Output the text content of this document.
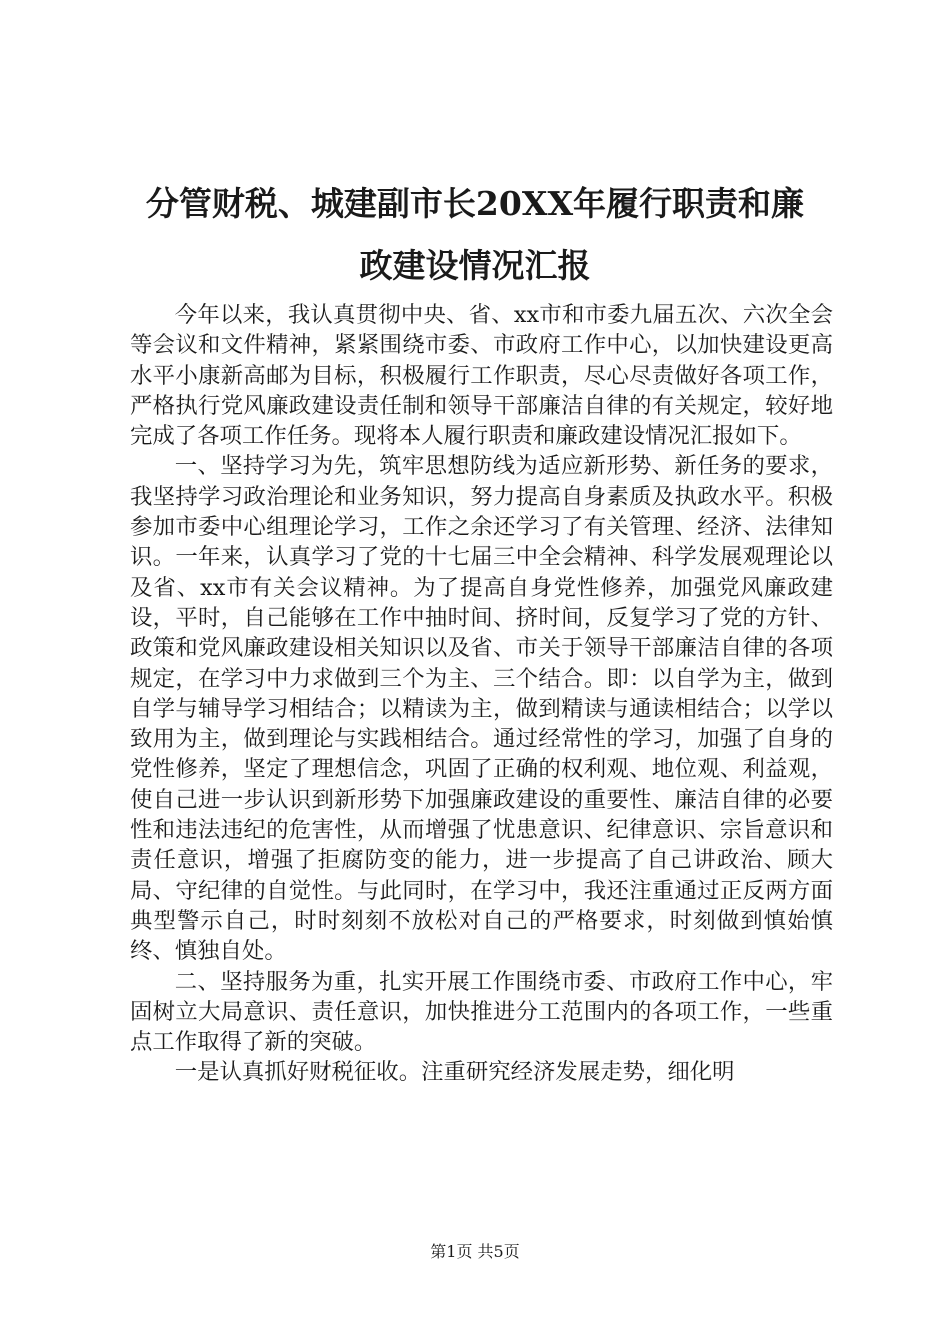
分管财税、城建副市长20XX年履行职责和廉
政建设情况汇报

今年以来，我认真贯彻中央、省、xx市和市委九届五次、六次全会等会议和文件精神，紧紧围绕市委、市政府工作中心，以加快建设更高水平小康新高邮为目标，积极履行工作职责，尽心尽责做好各项工作，严格执行党风廉政建设责任制和领导干部廉洁自律的有关规定，较好地完成了各项工作任务。现将本人履行职责和廉政建设情况汇报如下。

一、坚持学习为先，筑牢思想防线为适应新形势、新任务的要求，我坚持学习政治理论和业务知识，努力提高自身素质及执政水平。积极参加市委中心组理论学习，工作之余还学习了有关管理、经济、法律知识。一年来，认真学习了党的十七届三中全会精神、科学发展观理论以及省、xx市有关会议精神。为了提高自身党性修养，加强党风廉政建设，平时，自己能够在工作中抽时间、挤时间，反复学习了党的方针、政策和党风廉政建设相关知识以及省、市关于领导干部廉洁自律的各项规定，在学习中力求做到三个为主、三个结合。即：以自学为主，做到自学与辅导学习相结合；以精读为主，做到精读与通读相结合；以学以致用为主，做到理论与实践相结合。通过经常性的学习，加强了自身的党性修养，坚定了理想信念，巩固了正确的权利观、地位观、利益观，使自己进一步认识到新形势下加强廉政建设的重要性、廉洁自律的必要性和违法违纪的危害性，从而增强了忧患意识、纪律意识、宗旨意识和责任意识，增强了拒腐防变的能力，进一步提高了自己讲政治、顾大局、守纪律的自觉性。与此同时，在学习中，我还注重通过正反两方面典型警示自己，时时刻刻不放松对自己的严格要求，时刻做到慎始慎终、慎独自处。

二、坚持服务为重，扎实开展工作围绕市委、市政府工作中心，牢固树立大局意识、责任意识，加快推进分工范围内的各项工作，一些重点工作取得了新的突破。

一是认真抓好财税征收。注重研究经济发展走势，细化明

第1页 共5页
